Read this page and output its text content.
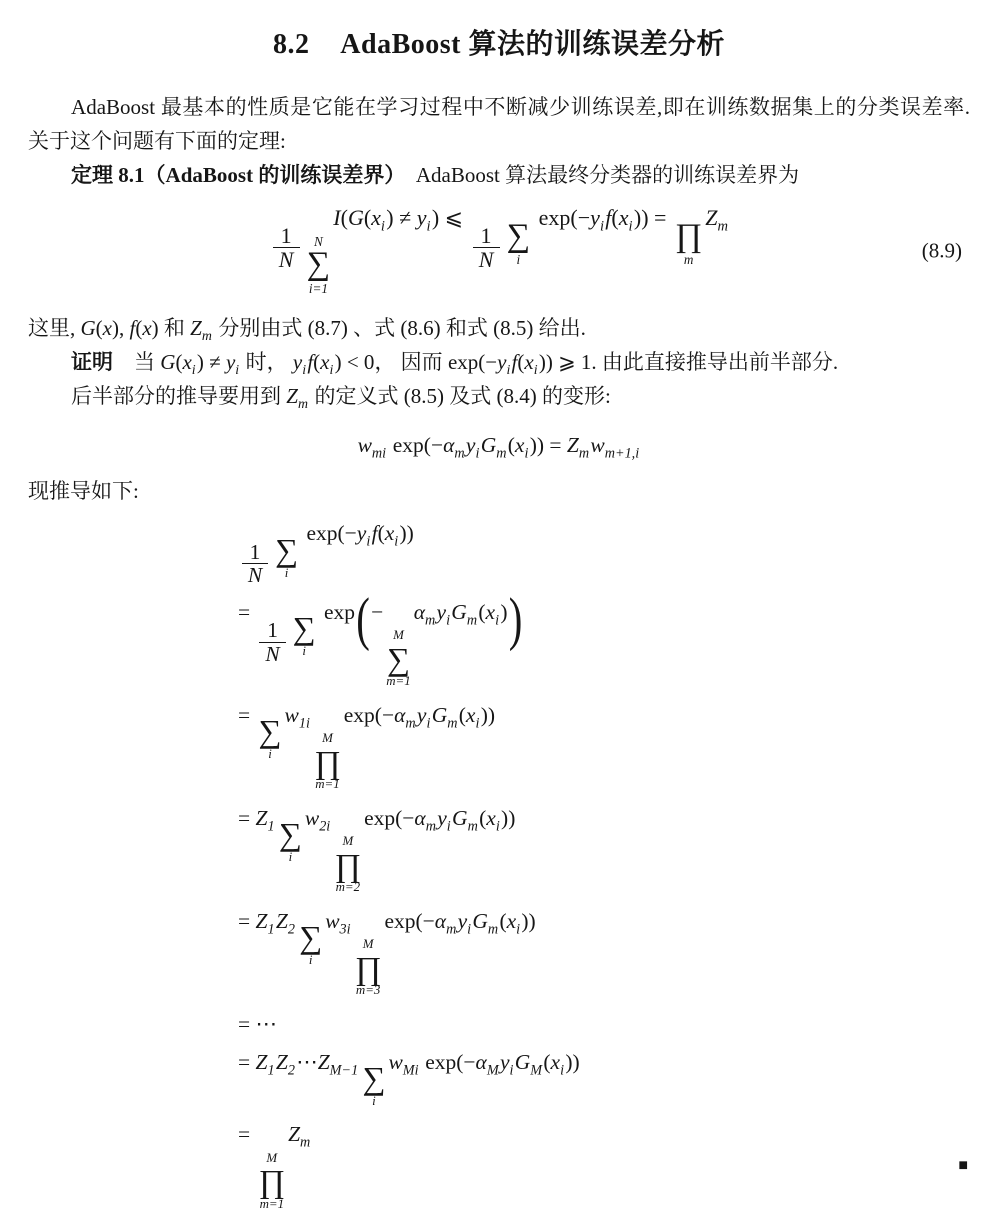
8.2 AdaBoost 算法的训练误差分析

AdaBoost 最基本的性质是它能在学习过程中不断减少训练误差,即在训练数据集上的分类误差率. 关于这个问题有下面的定理:

定理 8.1（AdaBoost 的训练误差界）　AdaBoost 算法最终分类器的训练误差界为

$\frac{1}{N}$ N
∑
i=1
$I(G(x_i) \ne y_i)$ ⩽
$\frac{1}{N}$ ∑
i
$\exp(-y_if(x_i))$ =
∏
m
$Z_m$
(8.9)

这里, G(x), f(x) 和 $Z_m$ 分别由式 (8.7) 、式 (8.6) 和式 (8.5) 给出.

证明　当 $G(x_i) \ne y_i$ 时， $y_if(x_i) < 0$， 因而 $\exp(-y_if(x_i))$ ⩾ 1. 由此直接推导出前半部分.

后半部分的推导要用到 $Z_m$ 的定义式 (8.5) 及式 (8.4) 的变形:

$w_{mi}$ $\exp(-\alpha_my_iG_m(x_i)) = Z_mw_{m+1,i}$

现推导如下:

$\frac{1}{N}$ ∑
i
$\exp(-y_if(x_i))$
=
$\frac{1}{N}$ ∑
i
exp(−
M
∑
m=1
$\alpha_my_iG_m(x_i)$)
= ∑
i
$w_{1i}$
M
∏
m=1
$\exp(-\alpha_my_iG_m(x_i))$
= $Z_1$ ∑
i
$w_{2i}$
M
∏
m=2
$\exp(-\alpha_my_iG_m(x_i))$
= $Z_1Z_2$ ∑
i
$w_{3i}$
M
∏
m=3
$\exp(-\alpha_my_iG_m(x_i))$
= ⋯
= $Z_1Z_2\cdots Z_{M-1}$ ∑
i
$w_{Mi}$ $\exp(-\alpha_My_iG_M(x_i))$
=
M
∏
m=1
$Z_m$
■
